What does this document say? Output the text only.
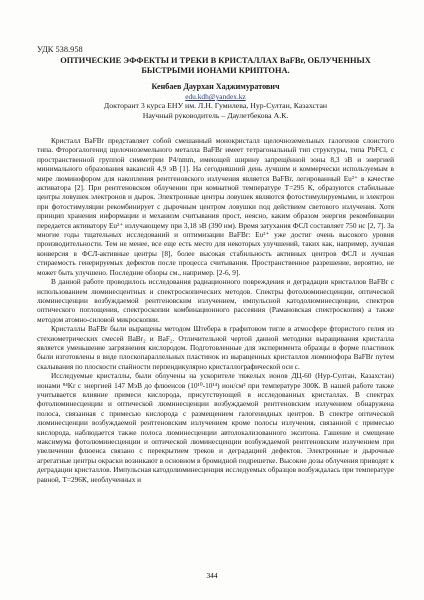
УДК 538.958
ОПТИЧЕСКИЕ ЭФФЕКТЫ И ТРЕКИ В КРИСТАЛЛАХ BaFBr, ОБЛУЧЕННЫХ БЫСТРЫМИ ИОНАМИ КРИПТОНА.
Кенбаев Даурхан Хаджимуратович
edu.kdh@yandex.kz
Докторант 3 курса ЕНУ им. Л.Н. Гумилева, Нур-Султан, Казахстан
Научный руководитель – Даулетбекова А.К.

Кристалл BaFBr представляет собой смешанный монокристалл щелочноземельных галогенов слоистого типа. Фторогалогенид щелочноземельного металла BaFBr имеет тетрагональный тип структуры, типа PbFCl, с пространственной группой симметрии P4/nmm, имеющей ширину запрещённой зоны 8,3 эВ и энергией минимального образования вакансий 4,9 эВ [1]. На сегодняшний день лучшим и коммерчески используемым в мире люминофором для накопления рентгеновского излучения является BaFBr, легированный Eu²⁺ в качестве активатора [2]. При рентгеновском облучении при комнатной температуре Т=295 К, образуются стабильные центры ловушек электронов и дырок. Электронные центры ловушек являются фотостимулируемыми, и электрон при фотостимуляции рекомбинирует с дырочным центром ловушки под действием светового излучения. Хотя принцип хранения информации и механизм считывания прост, неясно, каким образом энергия рекомбинации передается активатору Eu²⁺ излучающему при 3,18 эВ (390 нм). Время затухания ФСЛ составляет 750 нс [2, 7]. За многие годы тщательных исследований и оптимизации BaFBr: Eu²⁺ уже достиг очень высокого уровня производительности. Тем не менее, все еще есть место для некоторых улучшений, таких как, например, лучшая конверсия в ФСЛ-активные центры [8], более высокая стабильность активных центров ФСЛ и лучшая стираемость генерируемых дефектов после процесса считывания. Пространственное разрешение, вероятно, не может быть улучшено. Последние обзоры см., например. [2-6, 9].

В данной работе проводилось исследования радиационного повреждения и деградации кристаллов BaFBr с использованием люминесцентных и спектроскопических методов. Спектры фотолюминесценции, оптической люминесценции возбуждаемой рентгеновским излучением, импульсной катодолюминесценции, спектров оптического поглощения, спектроскопии комбинационного рассеяния (Рамановская спектроскопия) а также методом атомно-силовой микроскопии.

Кристаллы BaFBr были выращены методом Штебера в графитовом тигле в атмосфере фтористого гелия из стехиометрических смесей BaBr₂ и BaF₂. Отличительной чертой данной методики выращивания кристалла является уменьшение загрязнения кислородом. Подготовленные для эксперимента образцы в форме пластинок были изготовлены в виде плоскопараллельных пластинок из выращенных кристаллов люминофора BaFBr путем скалывания по плоскости спайности перпендикулярно кристаллографической оси c.

Исследуемые кристаллы, были облучены на ускорителе тяжелых ионов ДЦ-60 (Нур-Султан, Казахстан) ионами ⁸⁴Kr с энергией 147 МэВ до флюенсов (10¹⁰-10¹⁴) ион/см² при температуре 300К. В нашей работе также учитывается влияние примеси кислорода, присутствующей в исследованных кристаллах. В спектрах фотолюминесценции и оптической люминесценции возбуждаемой рентгеновским излучением обнаружена полоса, связанная с примесью кислорода с размещением галогенидных центров. В спектре оптической люминесценции возбуждаемой рентгеновским излучением кроме полосы излучения, связанной с примесью кислорода, наблюдается также полоса люминесценции автолокализованного экситона. Гашение и смещение максимума фотолюминесценции и оптической люминесценции возбуждаемой рентгеновским излучением при увеличении флюенса связано с перекрытием треков и деградацией дефектов. Электронные и дырочные агрегатные центры окраски возникают в основном в бромидной подрешетке. Высокие дозы облучения приводят к деградации кристаллов. Импульсная катодолюминесценция исследуемых образцов возбуждалась при температуре равной, Т=296К, необлученных и

344
